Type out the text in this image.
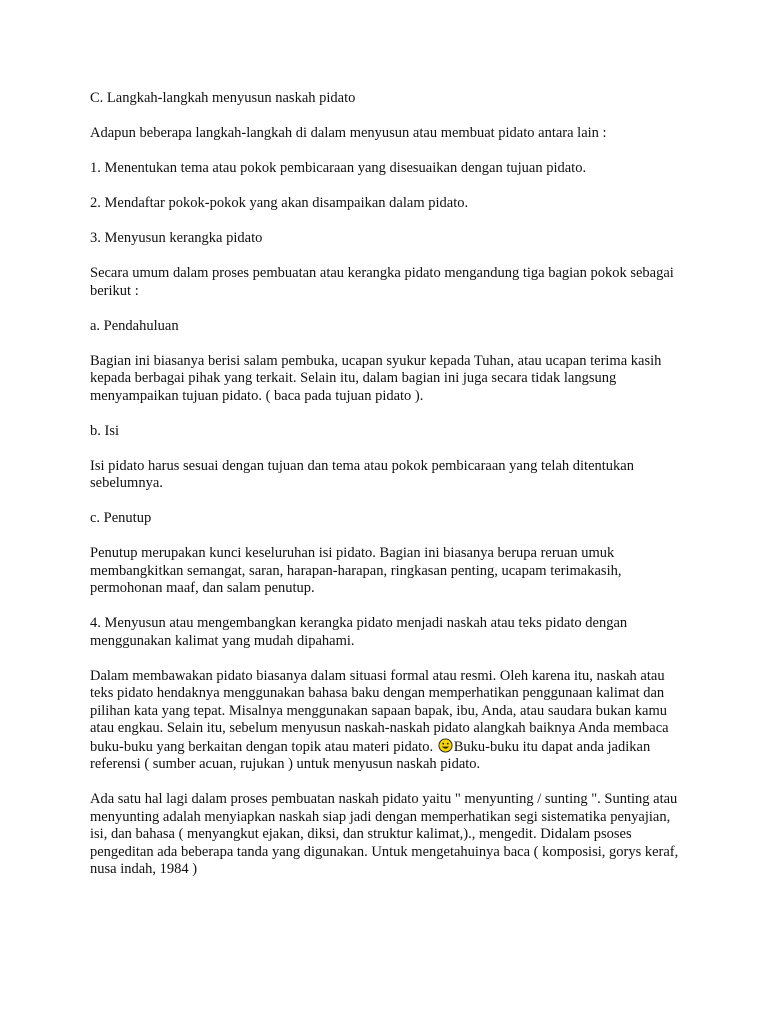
C. Langkah-langkah menyusun naskah pidato

Adapun beberapa langkah-langkah di dalam menyusun atau membuat pidato antara lain :

1. Menentukan tema atau pokok pembicaraan yang disesuaikan dengan tujuan pidato.

2. Mendaftar pokok-pokok yang akan disampaikan dalam pidato.

3. Menyusun kerangka pidato

Secara umum dalam proses pembuatan atau kerangka pidato mengandung tiga bagian pokok sebagai berikut :

a. Pendahuluan

Bagian ini biasanya berisi salam pembuka, ucapan syukur kepada Tuhan, atau ucapan terima kasih kepada berbagai pihak yang terkait. Selain itu, dalam bagian ini juga secara tidak langsung menyampaikan tujuan pidato. ( baca pada tujuan pidato ).

b. Isi

Isi pidato harus sesuai dengan tujuan dan tema atau pokok pembicaraan yang telah ditentukan sebelumnya.

c. Penutup

Penutup merupakan kunci keseluruhan isi pidato. Bagian ini biasanya berupa reruan umuk membangkitkan semangat, saran, harapan-harapan, ringkasan penting, ucapam terimakasih, permohonan maaf, dan salam penutup.

4. Menyusun atau mengembangkan kerangka pidato menjadi naskah atau teks pidato dengan menggunakan kalimat yang mudah dipahami.

Dalam membawakan pidato biasanya dalam situasi formal atau resmi. Oleh karena itu, naskah atau teks pidato hendaknya menggunakan bahasa baku dengan memperhatikan penggunaan kalimat dan pilihan kata yang tepat. Misalnya menggunakan sapaan bapak, ibu, Anda, atau saudara bukan kamu atau engkau. Selain itu, sebelum menyusun naskah-naskah pidato alangkah baiknya Anda membaca buku-buku yang berkaitan dengan topik atau materi pidato. Buku-buku itu dapat anda jadikan referensi ( sumber acuan, rujukan ) untuk menyusun naskah pidato.

Ada satu hal lagi dalam proses pembuatan naskah pidato yaitu " menyunting / sunting ". Sunting atau menyunting adalah menyiapkan naskah siap jadi dengan memperhatikan segi sistematika penyajian, isi, dan bahasa ( menyangkut ejakan, diksi, dan struktur kalimat,)., mengedit. Didalam psoses pengeditan ada beberapa tanda yang digunakan. Untuk mengetahuinya baca ( komposisi, gorys keraf, nusa indah, 1984 )
